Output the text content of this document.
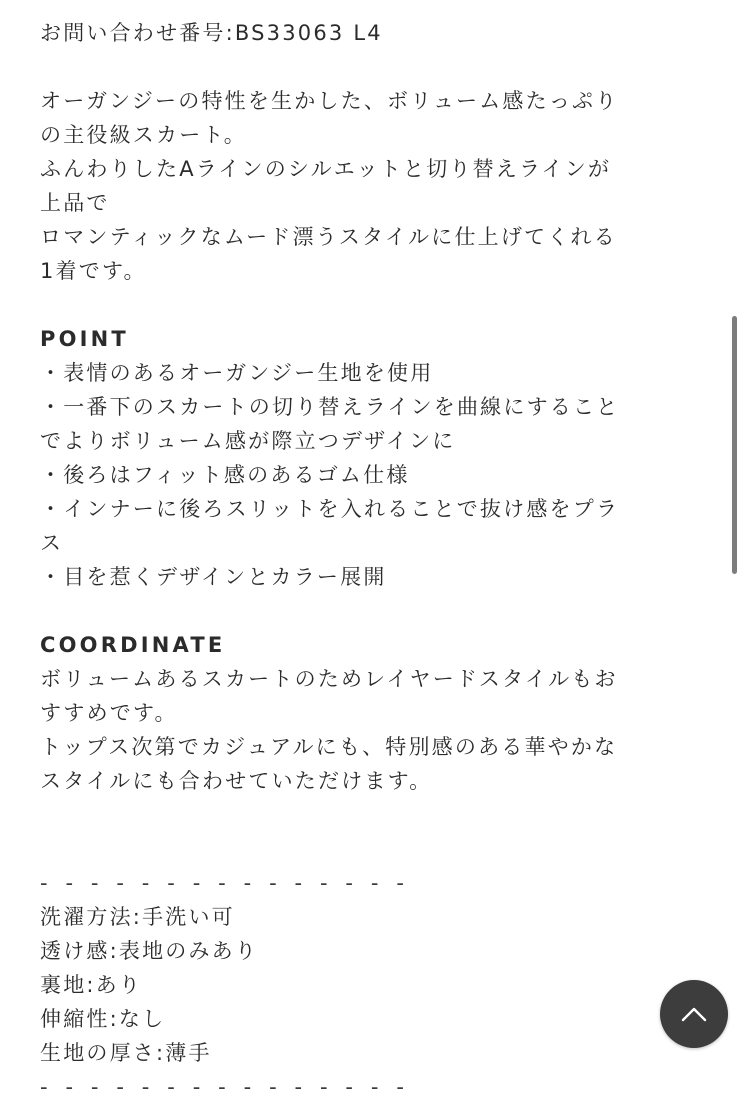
お問い合わせ番号:BS33063 L4
オーガンジーの特性を生かした、ボリューム感たっぷり
の主役級スカート。
ふんわりしたAラインのシルエットと切り替えラインが
上品で
ロマンティックなムード漂うスタイルに仕上げてくれる
1着です。
POINT
・表情のあるオーガンジー生地を使用
・一番下のスカートの切り替えラインを曲線にすること
でよりボリューム感が際立つデザインに
・後ろはフィット感のあるゴム仕様
・インナーに後ろスリットを入れることで抜け感をプラ
ス
・目を惹くデザインとカラー展開
COORDINATE
ボリュームあるスカートのためレイヤードスタイルもお
すすめです。
トップス次第でカジュアルにも、特別感のある華やかな
スタイルにも合わせていただけます。
- - - - - - - - - - - - - - -
洗濯方法:手洗い可
透け感:表地のみあり
裏地:あり
伸縮性:なし
生地の厚さ:薄手
- - - - - - - - - - - - - - -
